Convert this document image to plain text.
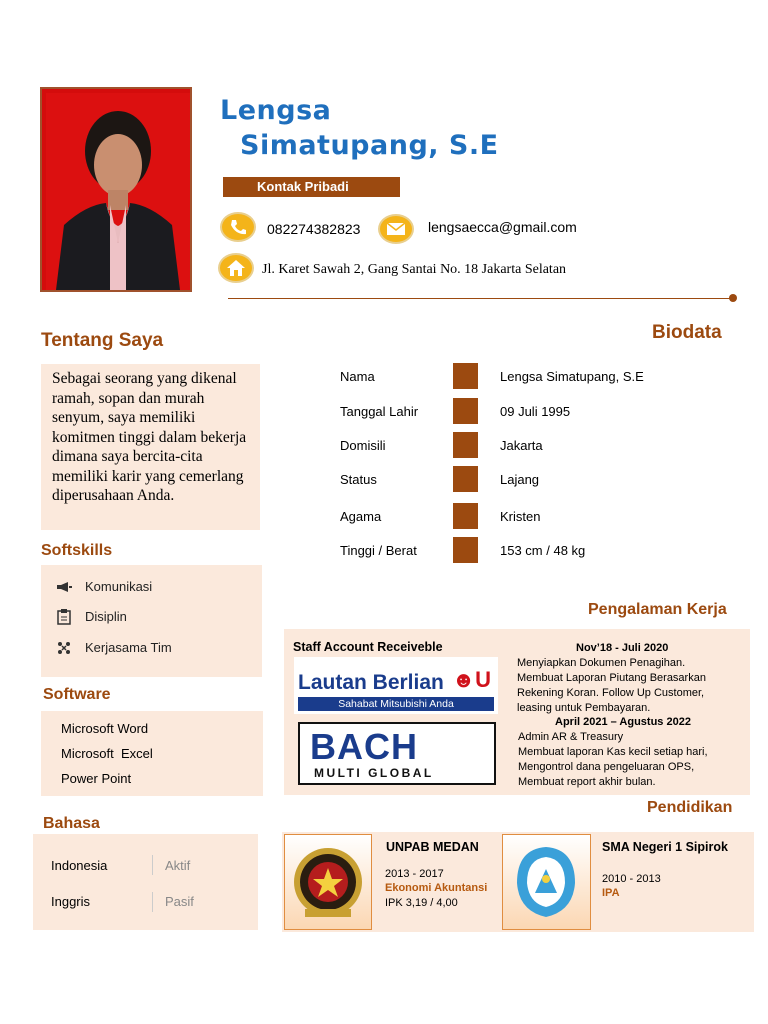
Lengsa
Simatupang, S.E
Kontak Pribadi
082274382823	lengsaecca@gmail.com
Jl. Karet Sawah 2, Gang Santai No. 18 Jakarta Selatan
Tentang Saya
Sebagai seorang yang dikenal ramah, sopan dan murah senyum, saya memiliki komitmen tinggi dalam bekerja dimana saya bercita-cita memiliki karir yang cemerlang diperusahaan Anda.
Biodata
Nama	Lengsa Simatupang, S.E
Tanggal Lahir	09 Juli 1995
Domisili	Jakarta
Status	Lajang
Agama	Kristen
Tinggi / Berat	153 cm / 48 kg
Softskills
Komunikasi
Disiplin
Kerjasama Tim
Software
Microsoft Word
Microsoft  Excel
Power Point
Bahasa
Indonesia	Aktif
Inggris	Pasif
Pengalaman Kerja
Staff Account Receiveble
Lautan Berlian ☻U
Sahabat Mitsubishi Anda
BACH
MULTI GLOBAL
Nov’18 - Juli 2020
Menyiapkan Dokumen Penagihan.
Membuat Laporan Piutang Berasarkan
Rekening Koran. Follow Up Customer,
leasing untuk Pembayaran.
April 2021 – Agustus 2022
Admin AR & Treasury
Membuat laporan Kas kecil setiap hari,
Mengontrol dana pengeluaran OPS,
Membuat report akhir bulan.
Pendidikan
UNPAB MEDAN
2013 - 2017
Ekonomi Akuntansi
IPK 3,19 / 4,00
SMA Negeri 1 Sipirok
2010 - 2013
IPA
